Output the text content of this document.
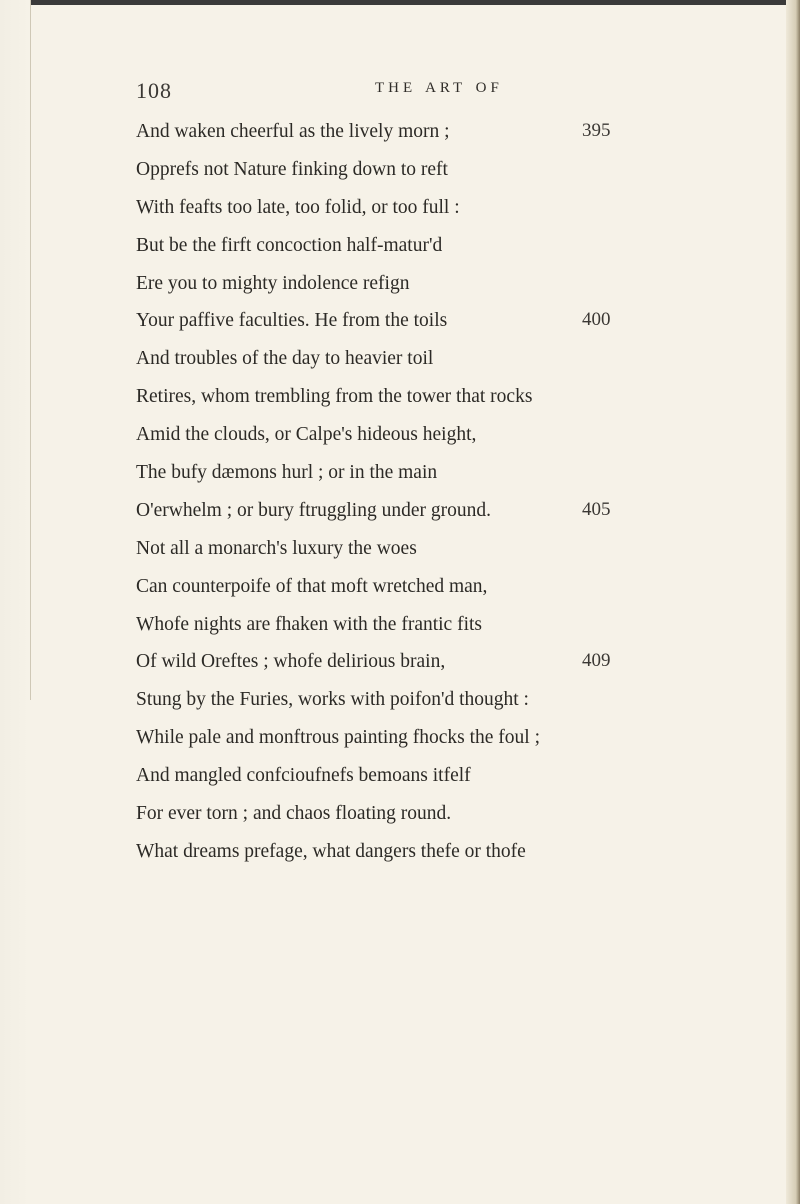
108	THE ART OF
And waken cheerful as the lively morn ;	395
Opprefs not Nature finking down to reft
With feafts too late, too folid, or too full :
But be the firft concoction half-matur'd
Ere you to mighty indolence refign
Your paffive faculties. He from the toils	400
And troubles of the day to heavier toil
Retires, whom trembling from the tower that rocks
Amid the clouds, or Calpe's hideous height,
The bufy dæmons hurl ; or in the main
O'erwhelm ; or bury ftruggling under ground.	405
Not all a monarch's luxury the woes
Can counterpoife of that moft wretched man,
Whofe nights are fhaken with the frantic fits
Of wild Oreftes ; whofe delirious brain,	409
Stung by the Furies, works with poifon'd thought :
While pale and monftrous painting fhocks the foul ;
And mangled confcioufnefs bemoans itfelf
For ever torn ; and chaos floating round.
What dreams prefage, what dangers thefe or thofe
